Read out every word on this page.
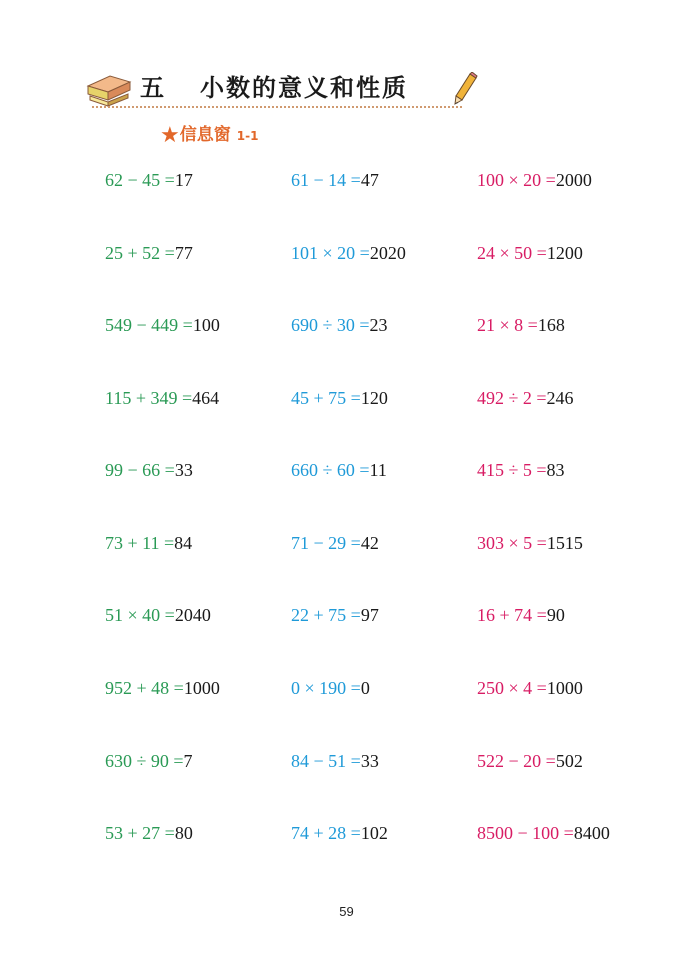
五 小数的意义和性质
★信息窗 1-1
62 − 45 =17	61 − 14 =47	100 × 20 =2000
25 + 52 =77	101 × 20 =2020	24 × 50 =1200
549 − 449 =100	690 ÷ 30 =23	21 × 8 =168
115 + 349 =464	45 + 75 =120	492 ÷ 2 =246
99 − 66 =33	660 ÷ 60 =11	415 ÷ 5 =83
73 + 11 =84	71 − 29 =42	303 × 5 =1515
51 × 40 =2040	22 + 75 =97	16 + 74 =90
952 + 48 =1000	0 × 190 =0	250 × 4 =1000
630 ÷ 90 =7	84 − 51 =33	522 − 20 =502
53 + 27 =80	74 + 28 =102	8500 − 100 =8400
59
